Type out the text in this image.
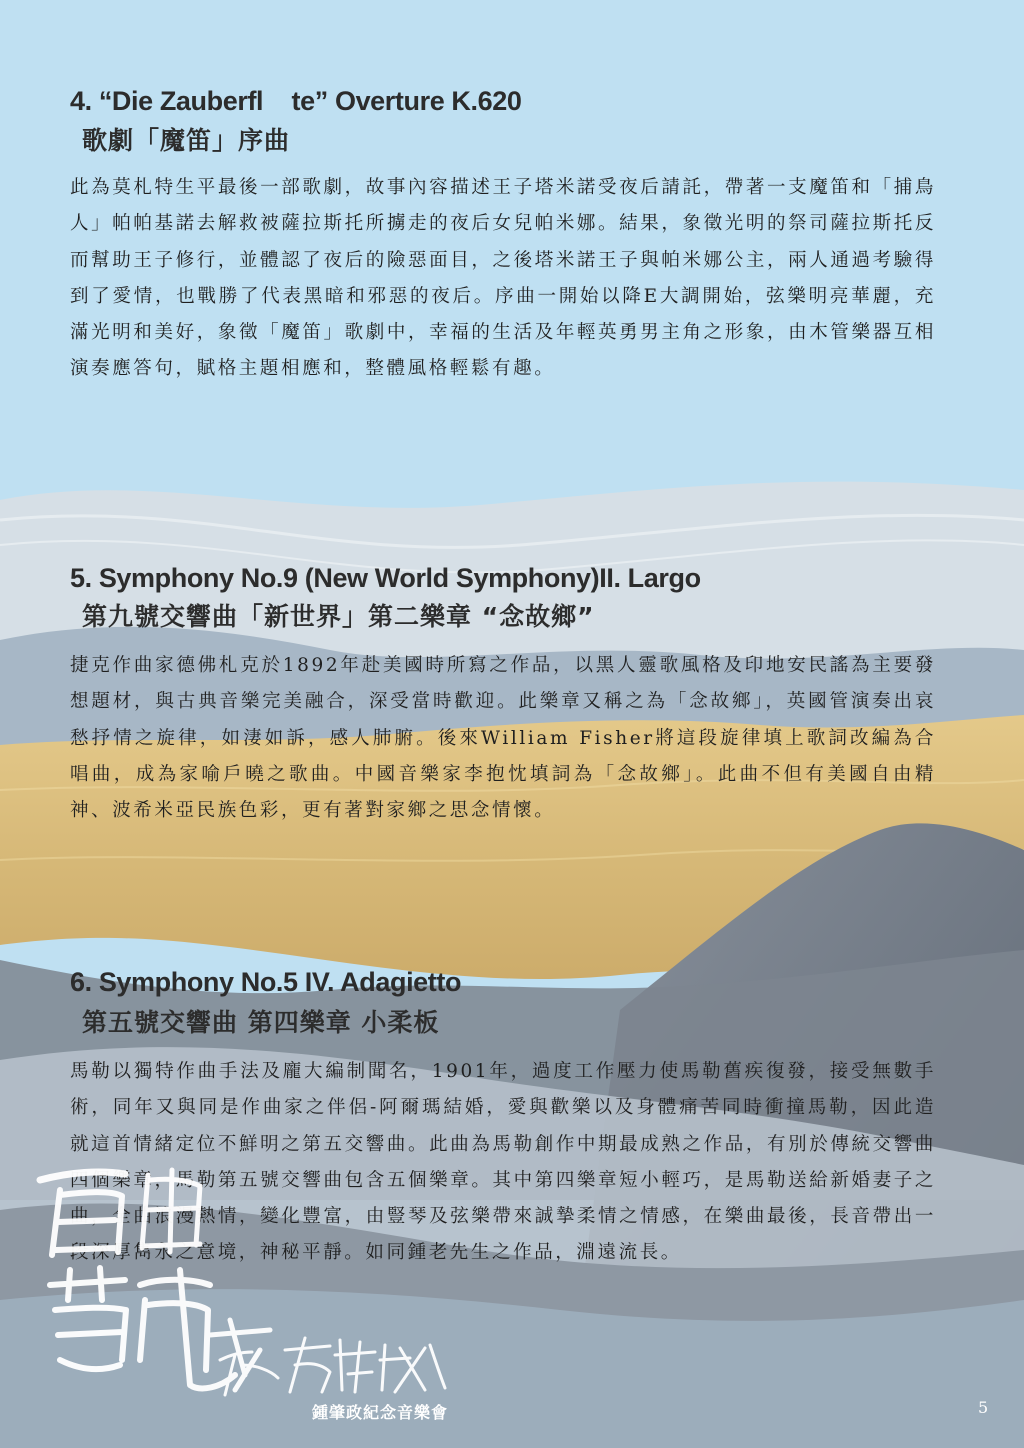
4. “Die Zauberfl    te” Overture K.620
歌劇「魔笛」序曲

此為莫札特生平最後一部歌劇，故事內容描述王子塔米諾受夜后請託，帶著一支魔笛和「捕鳥人」帕帕基諾去解救被薩拉斯托所擄走的夜后女兒帕米娜。結果，象徵光明的祭司薩拉斯托反而幫助王子修行，並體認了夜后的險惡面目，之後塔米諾王子與帕米娜公主，兩人通過考驗得到了愛情，也戰勝了代表黑暗和邪惡的夜后。序曲一開始以降E大調開始，弦樂明亮華麗，充滿光明和美好，象徵「魔笛」歌劇中，幸福的生活及年輕英勇男主角之形象，由木管樂器互相演奏應答句，賦格主題相應和，整體風格輕鬆有趣。

5. Symphony No.9 (New World Symphony)II. Largo
第九號交響曲「新世界」第二樂章 “念故鄉”

捷克作曲家德佛札克於1892年赴美國時所寫之作品，以黑人靈歌風格及印地安民謠為主要發想題材，與古典音樂完美融合，深受當時歡迎。此樂章又稱之為「念故鄉」，英國管演奏出哀愁抒情之旋律，如淒如訴，感人肺腑。後來William Fisher將這段旋律填上歌詞改編為合唱曲，成為家喻戶曉之歌曲。中國音樂家李抱忱填詞為「念故鄉」。此曲不但有美國自由精神、波希米亞民族色彩，更有著對家鄉之思念情懷。

6. Symphony No.5 IV. Adagietto
第五號交響曲 第四樂章 小柔板

馬勒以獨特作曲手法及龐大編制聞名，1901年，過度工作壓力使馬勒舊疾復發，接受無數手術，同年又與同是作曲家之伴侶-阿爾瑪結婚，愛與歡樂以及身體痛苦同時衝撞馬勒，因此造就這首情緒定位不鮮明之第五交響曲。此曲為馬勒創作中期最成熟之作品，有別於傳統交響曲四個樂章，馬勒第五號交響曲包含五個樂章。其中第四樂章短小輕巧，是馬勒送給新婚妻子之曲，全曲浪漫熱情，變化豐富，由豎琴及弦樂帶來誠摯柔情之情感，在樂曲最後，長音帶出一段深厚雋永之意境，神秘平靜。如同鍾老先生之作品，淵遠流長。

鍾肇政紀念音樂會	5
